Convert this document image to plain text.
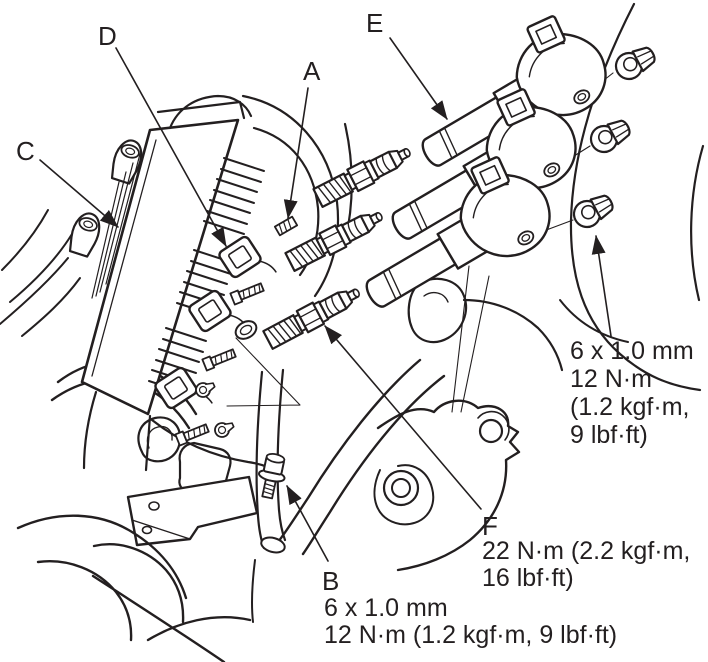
C
D
A
E
6 x 1.0 mm
12 N·m
(1.2 kgf·m,
9 lbf·ft)
F
22 N·m (2.2 kgf·m,
16 lbf·ft)
B
6 x 1.0 mm
12 N·m (1.2 kgf·m, 9 lbf·ft)
